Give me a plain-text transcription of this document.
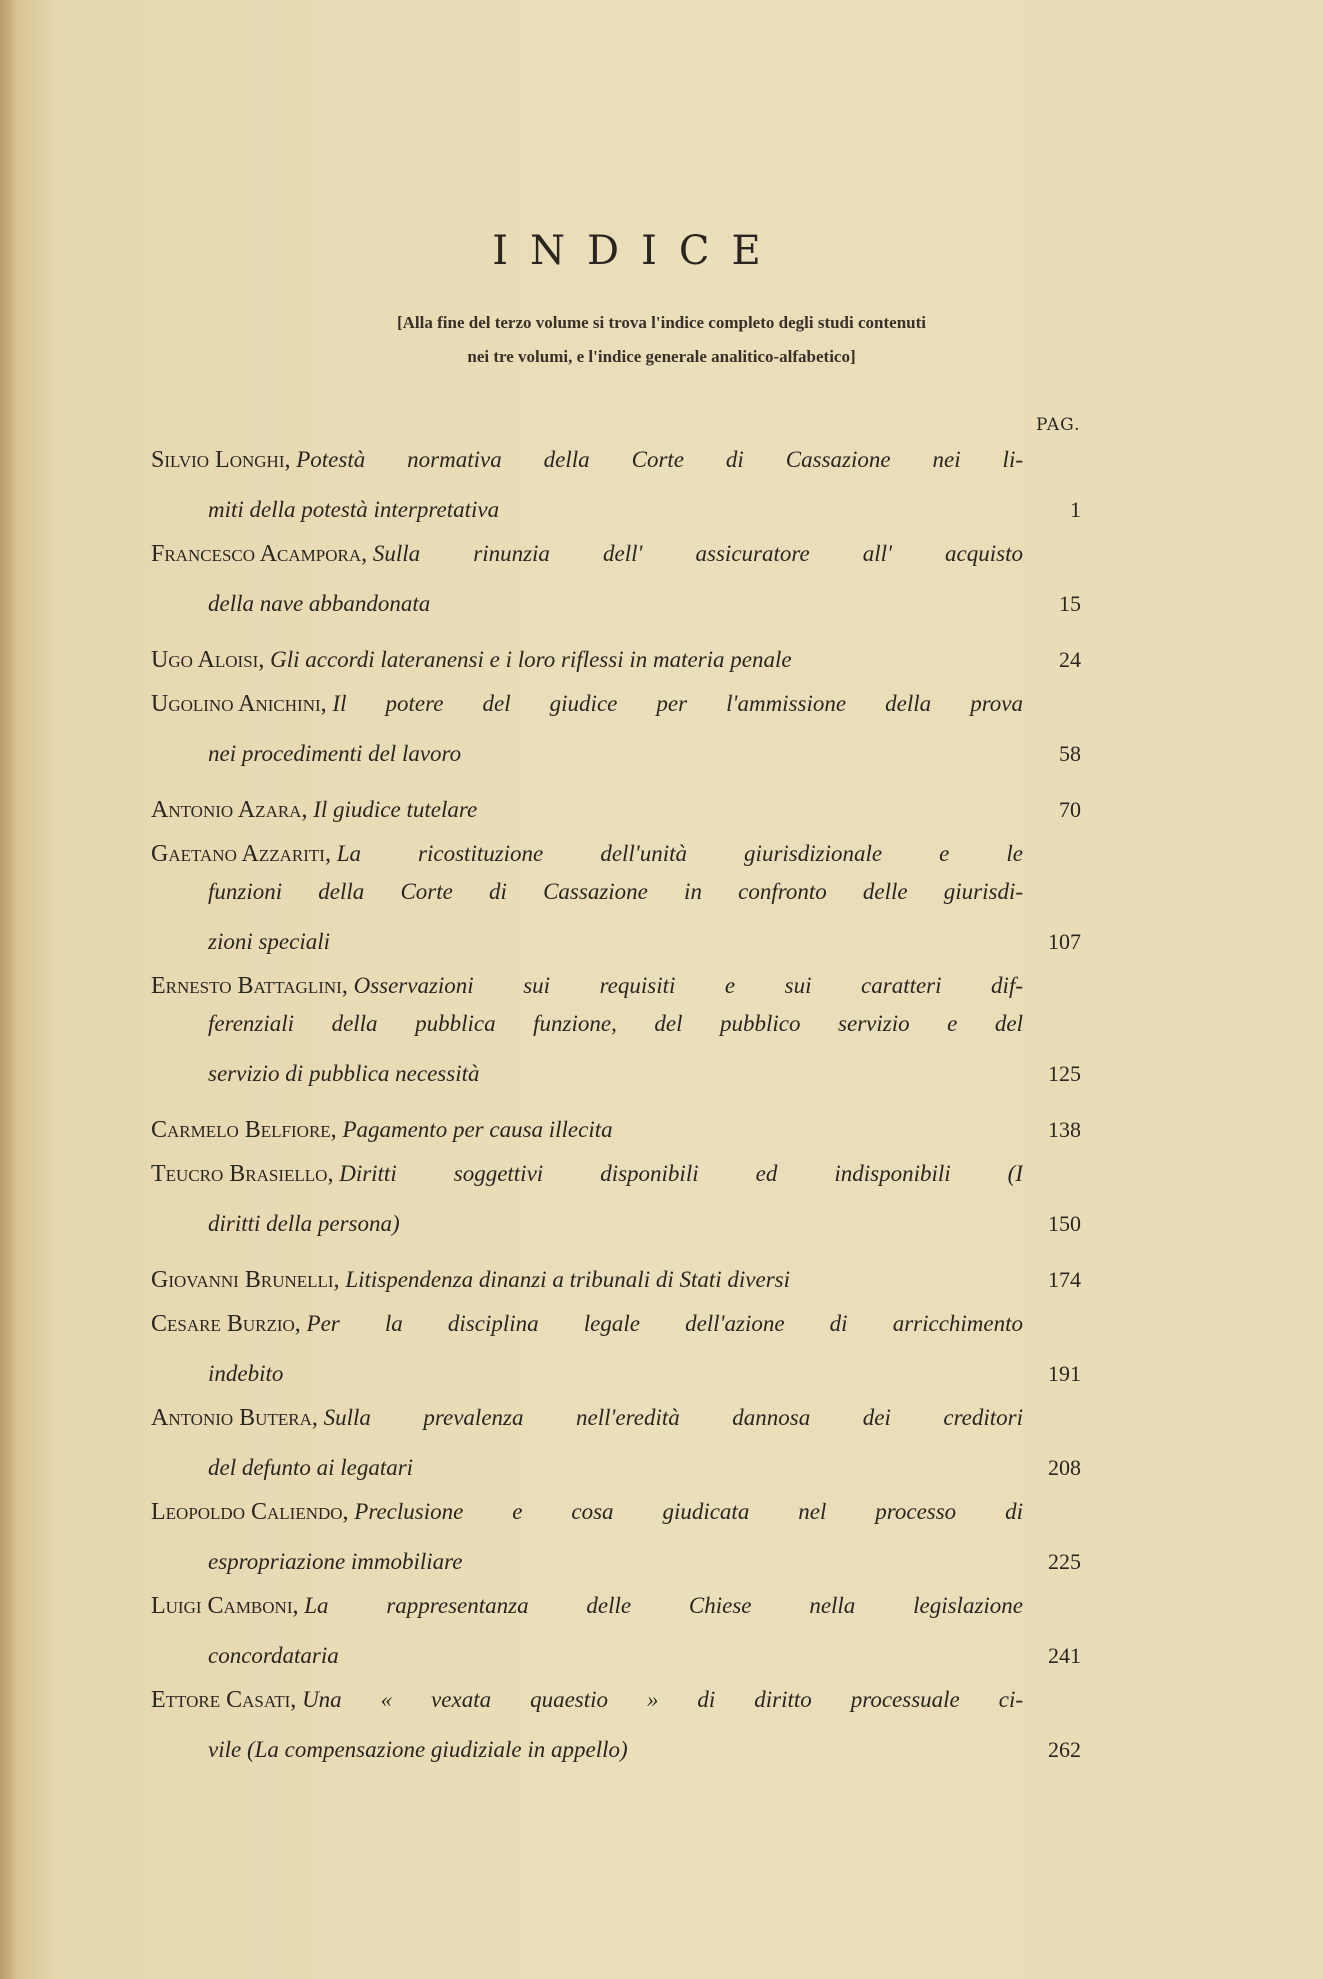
INDICE
[Alla fine del terzo volume si trova l'indice completo degli studi contenuti
nei tre volumi, e l'indice generale analitico-alfabetico]
PAG.
Silvio Longhi,
Potestà normativa della Corte di Cassazione nei li-
miti della potestà interpretativa	1
Francesco Acampora,
Sulla rinunzia dell' assicuratore all' acquisto
della nave abbandonata	15
Ugo Aloisi,
Gli accordi lateranensi e i loro riflessi in materia penale	24
Ugolino Anichini,
Il potere del giudice per l'ammissione della prova
nei procedimenti del lavoro	58
Antonio Azara,
Il giudice tutelare	70
Gaetano Azzariti,
La ricostituzione dell'unità giurisdizionale e le
funzioni della Corte di Cassazione in confronto delle giurisdi-
zioni speciali	107
Ernesto Battaglini,
Osservazioni sui requisiti e sui caratteri dif-
ferenziali della pubblica funzione, del pubblico servizio e del
servizio di pubblica necessità	125
Carmelo Belfiore,
Pagamento per causa illecita	138
Teucro Brasiello,
Diritti soggettivi disponibili ed indisponibili (I
diritti della persona)	150
Giovanni Brunelli,
Litispendenza dinanzi a tribunali di Stati diversi	174
Cesare Burzio,
Per la disciplina legale dell'azione di arricchimento
indebito	191
Antonio Butera,
Sulla prevalenza nell'eredità dannosa dei creditori
del defunto ai legatari	208
Leopoldo Caliendo,
Preclusione e cosa giudicata nel processo di
espropriazione immobiliare	225
Luigi Camboni,
La rappresentanza delle Chiese nella legislazione
concordataria	241
Ettore Casati,
Una « vexata quaestio » di diritto processuale ci-
vile (La compensazione giudiziale in appello)	262
